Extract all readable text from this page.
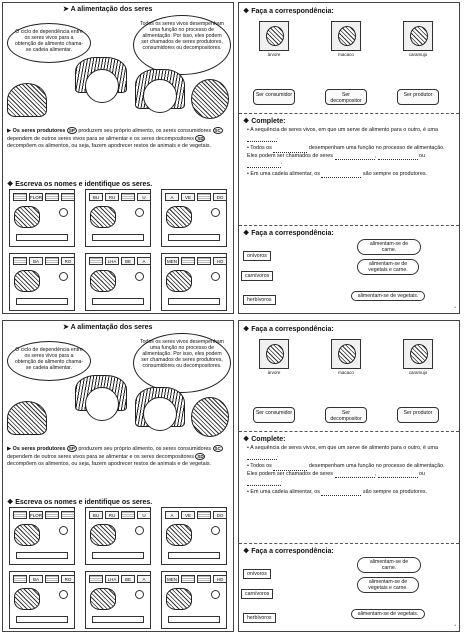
➤ A alimentação dos seres
O ciclo de dependência entre os seres vivos para a obtenção de alimento chama-se cadeia alimentar.
Todos os seres vivos desempenham uma função no processo de alimentação. Por isso, eles podem ser chamados de seres produtores, consumidores ou decompositores.
▶ Os seres produtores SP produzem seu próprio alimento, os seres consumidores SC dependem de outros seres vivos para se alimentar e os seres decompositores SD decompõem os alimentos, ou seja, fazem apodrecer restos de animais e de vegetais.
❖ Escreva os nomes e identifique os seres.
FLOR	BU	RU	U	A	VE	DO
BA	RO	LHA	BE	A	MEN	HO
❖ Faça a correspondência:
árvore	macaco	caramujo
Ser consumidor	Ser decompositor
Ser produtor
❖ Complete:

• A sequência de seres vivos, em que um serve de alimento para o outro, é uma .

• Todos os	desempenham uma função no processo de alimentação. Eles podem ser chamados de seres	,	ou .

• Em uma cadeia alimentar, os	são sempre os produtores.

❖ Faça a correspondência:
onívoros
carnívoros
herbívoros
alimentam-se de carne.
alimentam-se de vegetais e carne.
alimentam-se de vegetais.
⁴
➤ A alimentação dos seres
O ciclo de dependência entre os seres vivos para a obtenção de alimento chama-se cadeia alimentar.
Todos os seres vivos desempenham uma função no processo de alimentação. Por isso, eles podem ser chamados de seres produtores, consumidores ou decompositores.
▶ Os seres produtores SP produzem seu próprio alimento, os seres consumidores SC dependem de outros seres vivos para se alimentar e os seres decompositores SD decompõem os alimentos, ou seja, fazem apodrecer restos de animais e de vegetais.
❖ Escreva os nomes e identifique os seres.
FLOR	BU	RU	U	A	VE	DO
BA	RO	LHA	BE	A	MEN	HO
❖ Faça a correspondência:
árvore	macaco	caramujo
Ser consumidor	Ser decompositor
Ser produtor
❖ Complete:

• A sequência de seres vivos, em que um serve de alimento para o outro, é uma .

• Todos os	desempenham uma função no processo de alimentação. Eles podem ser chamados de seres	,	ou .

• Em uma cadeia alimentar, os	são sempre os produtores.

❖ Faça a correspondência:
onívoros
carnívoros
herbívoros
alimentam-se de carne.
alimentam-se de vegetais e carne.
alimentam-se de vegetais.
⁴
